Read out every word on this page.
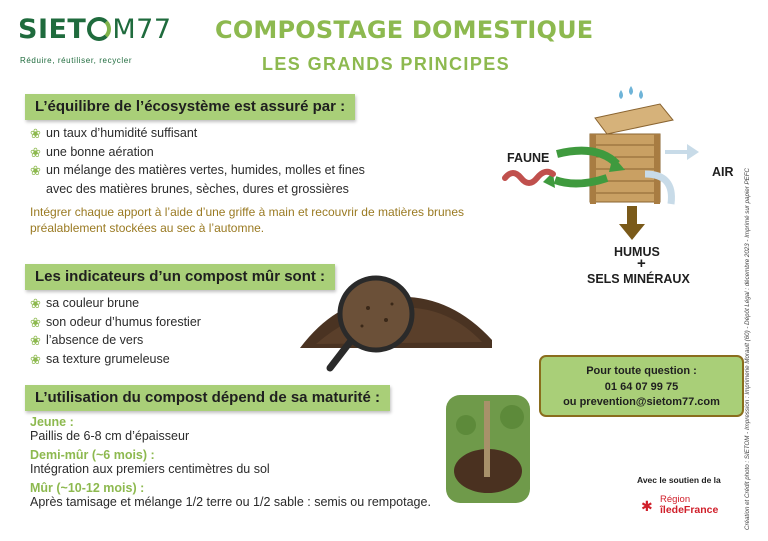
SIET M77
Réduire, réutiliser, recycler
COMPOSTAGE DOMESTIQUE
LES GRANDS PRINCIPES
L’équilibre de l’écosystème est assuré par :
❀ un taux d’humidité suffisant
❀ une bonne aération
❀ un mélange des matières vertes, humides, molles et fines
avec des matières brunes, sèches, dures et grossières
Intégrer chaque apport à l’aide d’une griffe à main et recouvrir de matières brunes
préalablement stockées au sec à l’automne.
FAUNE
AIR
HUMUS
+
SELS MINÉRAUX
Les indicateurs d’un compost mûr sont :
❀ sa couleur brune
❀ son odeur d’humus forestier
❀ l’absence de vers
❀ sa texture grumeleuse
L’utilisation du compost dépend de sa maturité :
Jeune :
Paillis de 6-8 cm d’épaisseur
Demi-mûr (~6 mois) :
Intégration aux premiers centimètres du sol
Mûr (~10-12 mois) :
Après tamisage et mélange 1/2 terre ou 1/2 sable : semis ou rempotage.
Pour toute question :
01 64 07 99 75
ou prevention@sietom77.com
Avec le soutien de la
✱ Région
îledeFrance	Création et Crédit photo : SIETOM - Impression : Imprimerie Morault (60) - Dépôt Légal : décembre 2023 - Imprimé sur papier PEFC
